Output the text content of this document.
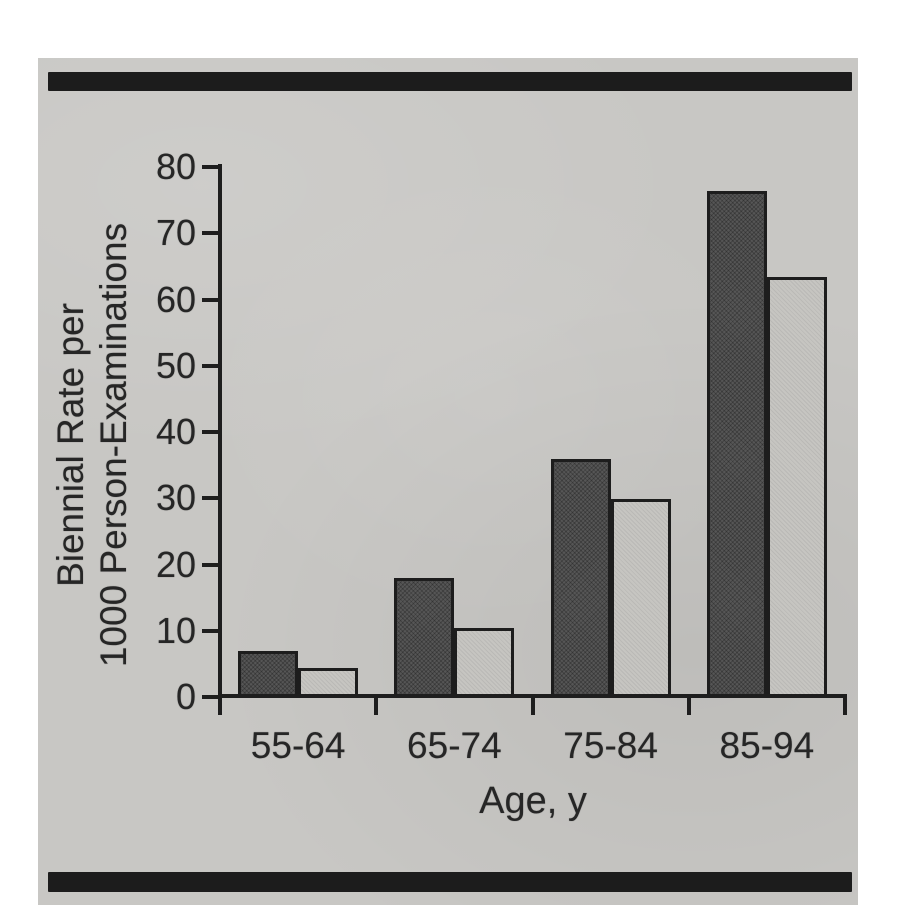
Biennial Rate per 1000 Person-Examinations
0
10
20
30
40
50
60
70
80
55-64	65-74	75-84	85-94
Age, y
